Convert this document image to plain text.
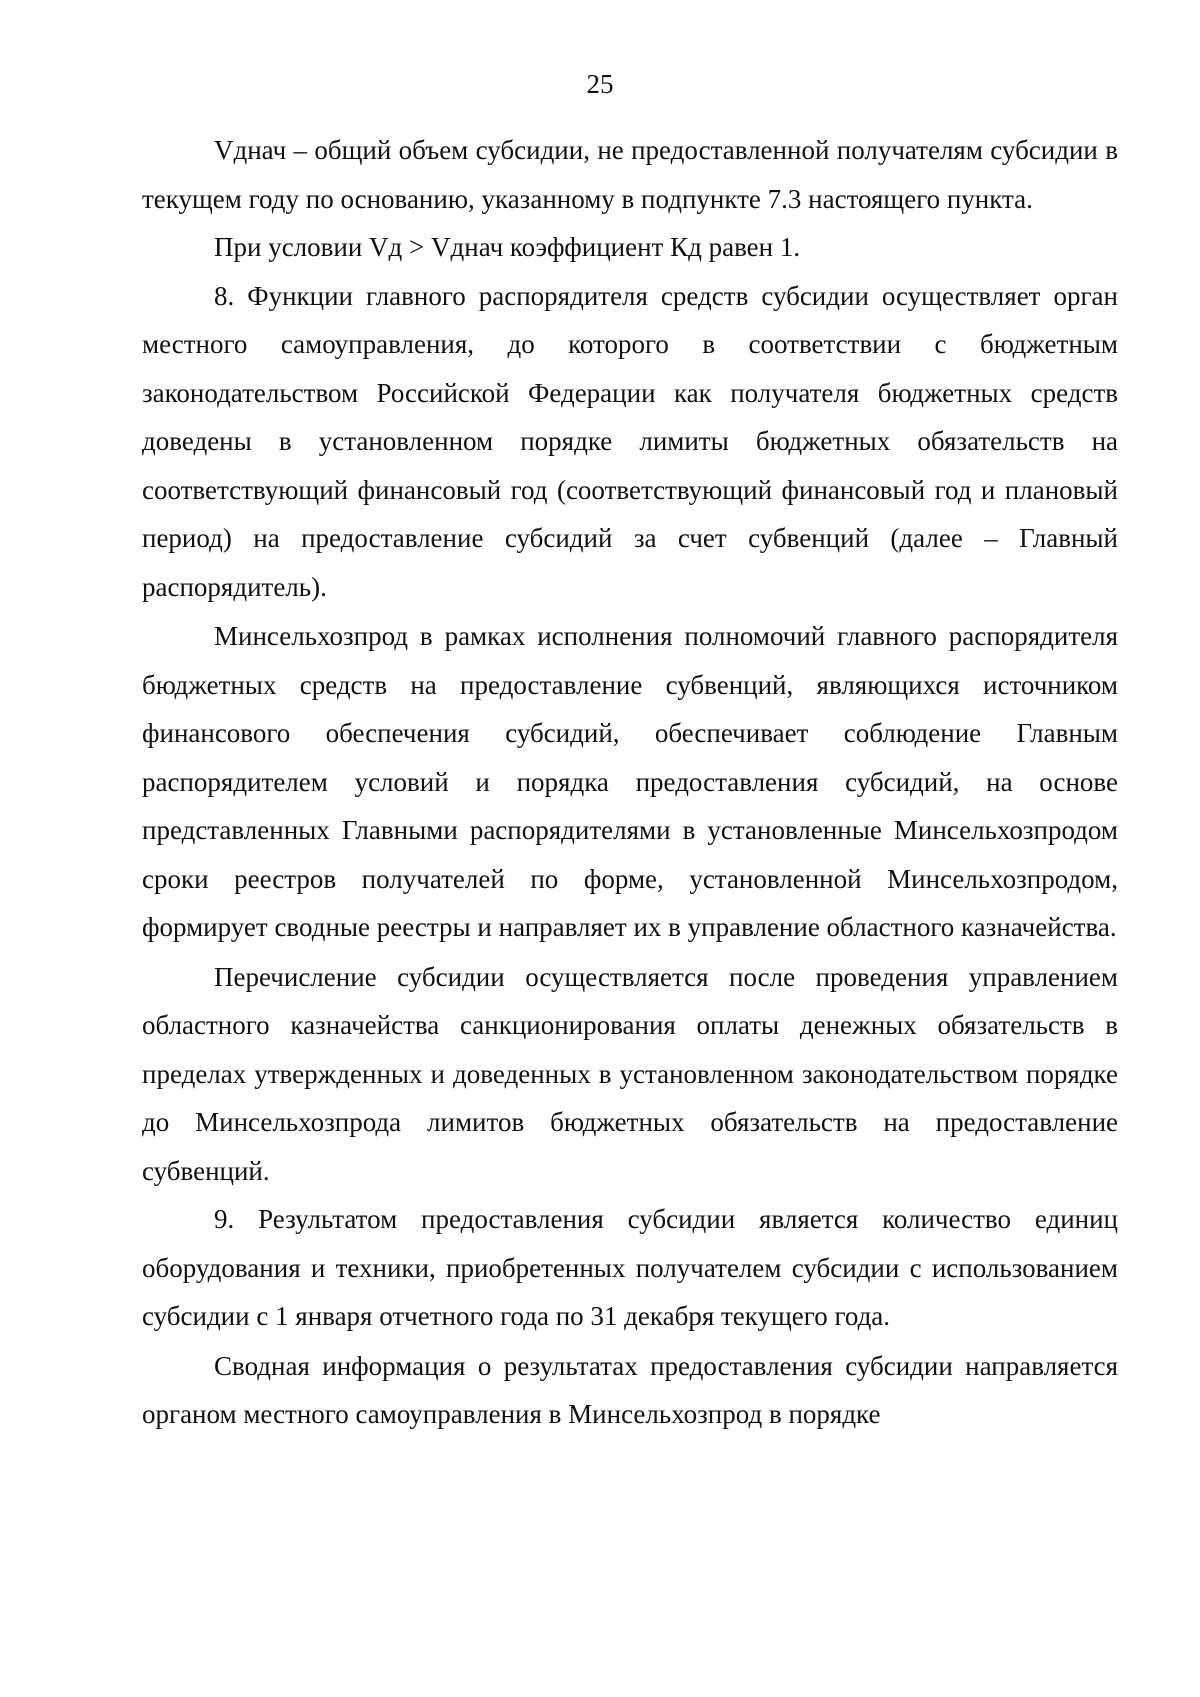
25

Vднач – общий объем субсидии, не предоставленной получателям субсидии в текущем году по основанию, указанному в подпункте 7.3 настоящего пункта.

При условии Vд > Vднач коэффициент Кд равен 1.

8. Функции главного распорядителя средств субсидии осуществляет орган местного самоуправления, до которого в соответствии с бюджетным законодательством Российской Федерации как получателя бюджетных средств доведены в установленном порядке лимиты бюджетных обязательств на соответствующий финансовый год (соответствующий финансовый год и плановый период) на предоставление субсидий за счет субвенций (далее – Главный распорядитель).

Минсельхозпрод в рамках исполнения полномочий главного распорядителя бюджетных средств на предоставление субвенций, являющихся источником финансового обеспечения субсидий, обеспечивает соблюдение Главным распорядителем условий и порядка предоставления субсидий, на основе представленных Главными распорядителями в установленные Минсельхозпродом сроки реестров получателей по форме, установленной Минсельхозпродом, формирует сводные реестры и направляет их в управление областного казначейства.

Перечисление субсидии осуществляется после проведения управлением областного казначейства санкционирования оплаты денежных обязательств в пределах утвержденных и доведенных в установленном законодательством порядке до Минсельхозпрода лимитов бюджетных обязательств на предоставление субвенций.

9. Результатом предоставления субсидии является количество единиц оборудования и техники, приобретенных получателем субсидии с использованием субсидии с 1 января отчетного года по 31 декабря текущего года.

Сводная информация о результатах предоставления субсидии направляется органом местного самоуправления в Минсельхозпрод в порядке
